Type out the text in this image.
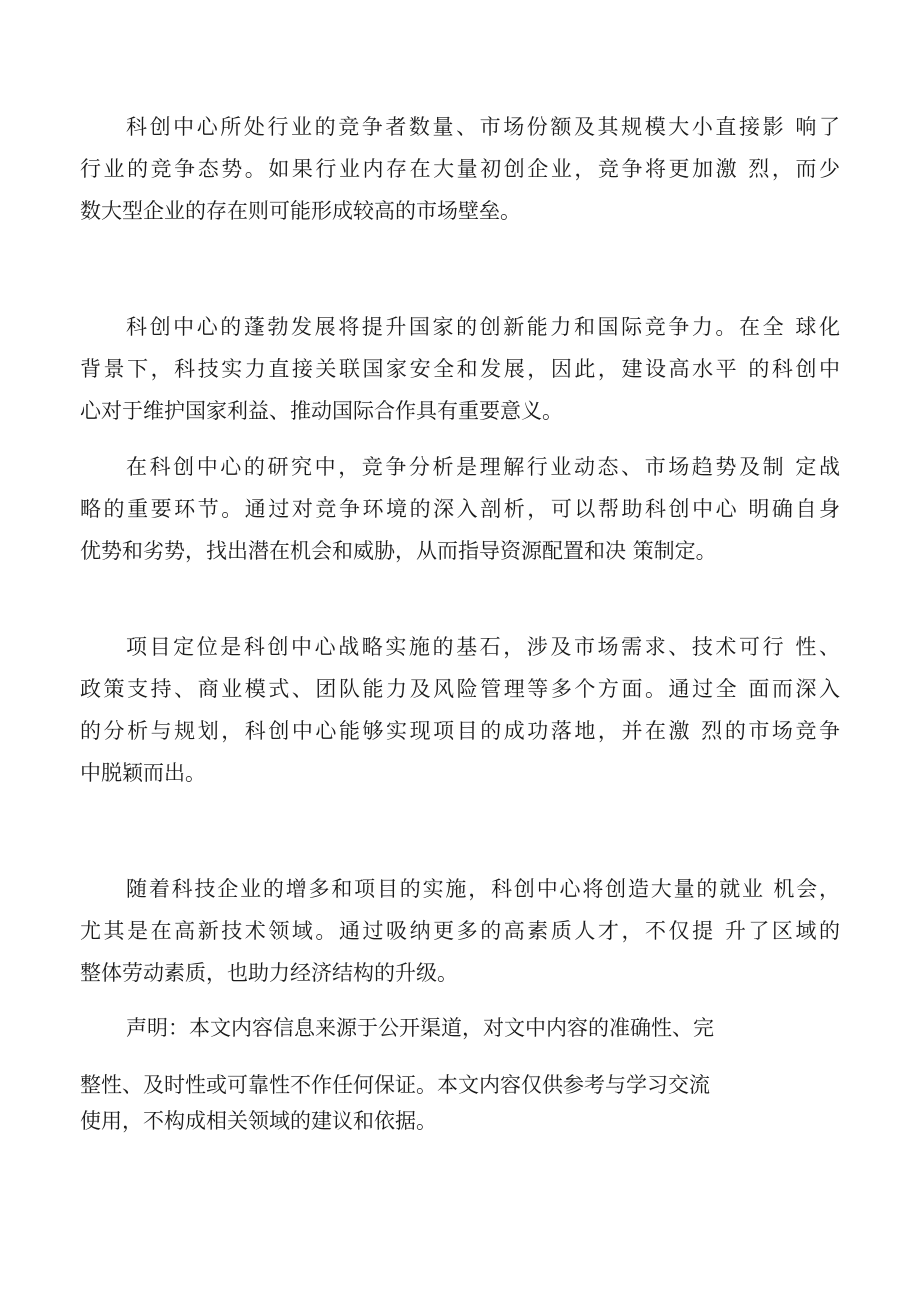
科创中心所处行业的竞争者数量、市场份额及其规模大小直接影 响了
行业的竞争态势。如果行业内存在大量初创企业，竞争将更加激 烈，而少
数大型企业的存在则可能形成较高的市场壁垒。
科创中心的蓬勃发展将提升国家的创新能力和国际竞争力。在全 球化
背景下，科技实力直接关联国家安全和发展，因此，建设高水平 的科创中
心对于维护国家利益、推动国际合作具有重要意义。
在科创中心的研究中，竞争分析是理解行业动态、市场趋势及制 定战
略的重要环节。通过对竞争环境的深入剖析，可以帮助科创中心 明确自身
优势和劣势，找出潜在机会和威胁，从而指导资源配置和决 策制定。
项目定位是科创中心战略实施的基石，涉及市场需求、技术可行 性、
政策支持、商业模式、团队能力及风险管理等多个方面。通过全 面而深入
的分析与规划，科创中心能够实现项目的成功落地，并在激 烈的市场竞争
中脱颖而出。
随着科技企业的增多和项目的实施，科创中心将创造大量的就业 机会，
尤其是在高新技术领域。通过吸纳更多的高素质人才，不仅提 升了区域的
整体劳动素质，也助力经济结构的升级。
声明：本文内容信息来源于公开渠道，对文中内容的准确性、完
整性、及时性或可靠性不作任何保证。本文内容仅供参考与学习交流
使用，不构成相关领域的建议和依据。
